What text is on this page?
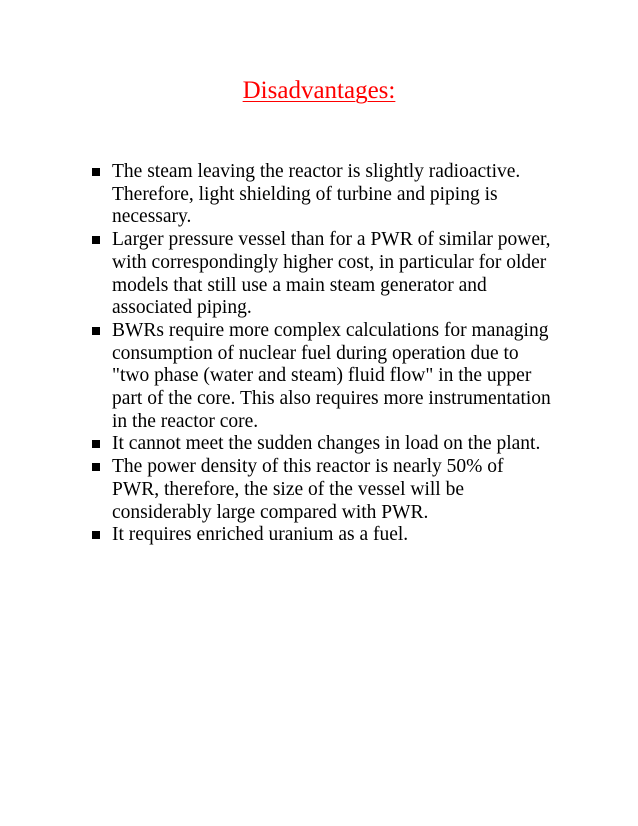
Disadvantages:
The steam leaving the reactor is slightly radioactive. Therefore, light shielding of turbine and piping is necessary.
Larger pressure vessel than for a PWR of similar power, with correspondingly higher cost, in particular for older models that still use a main steam generator and associated piping.
BWRs require more complex calculations for managing consumption of nuclear fuel during operation due to "two phase (water and steam) fluid flow" in the upper part of the core. This also requires more instrumentation in the reactor core.
It cannot meet the sudden changes in load on the plant.
The power density of this reactor is nearly 50% of PWR, therefore, the size of the vessel will be considerably large compared with PWR.
It requires enriched uranium as a fuel.
